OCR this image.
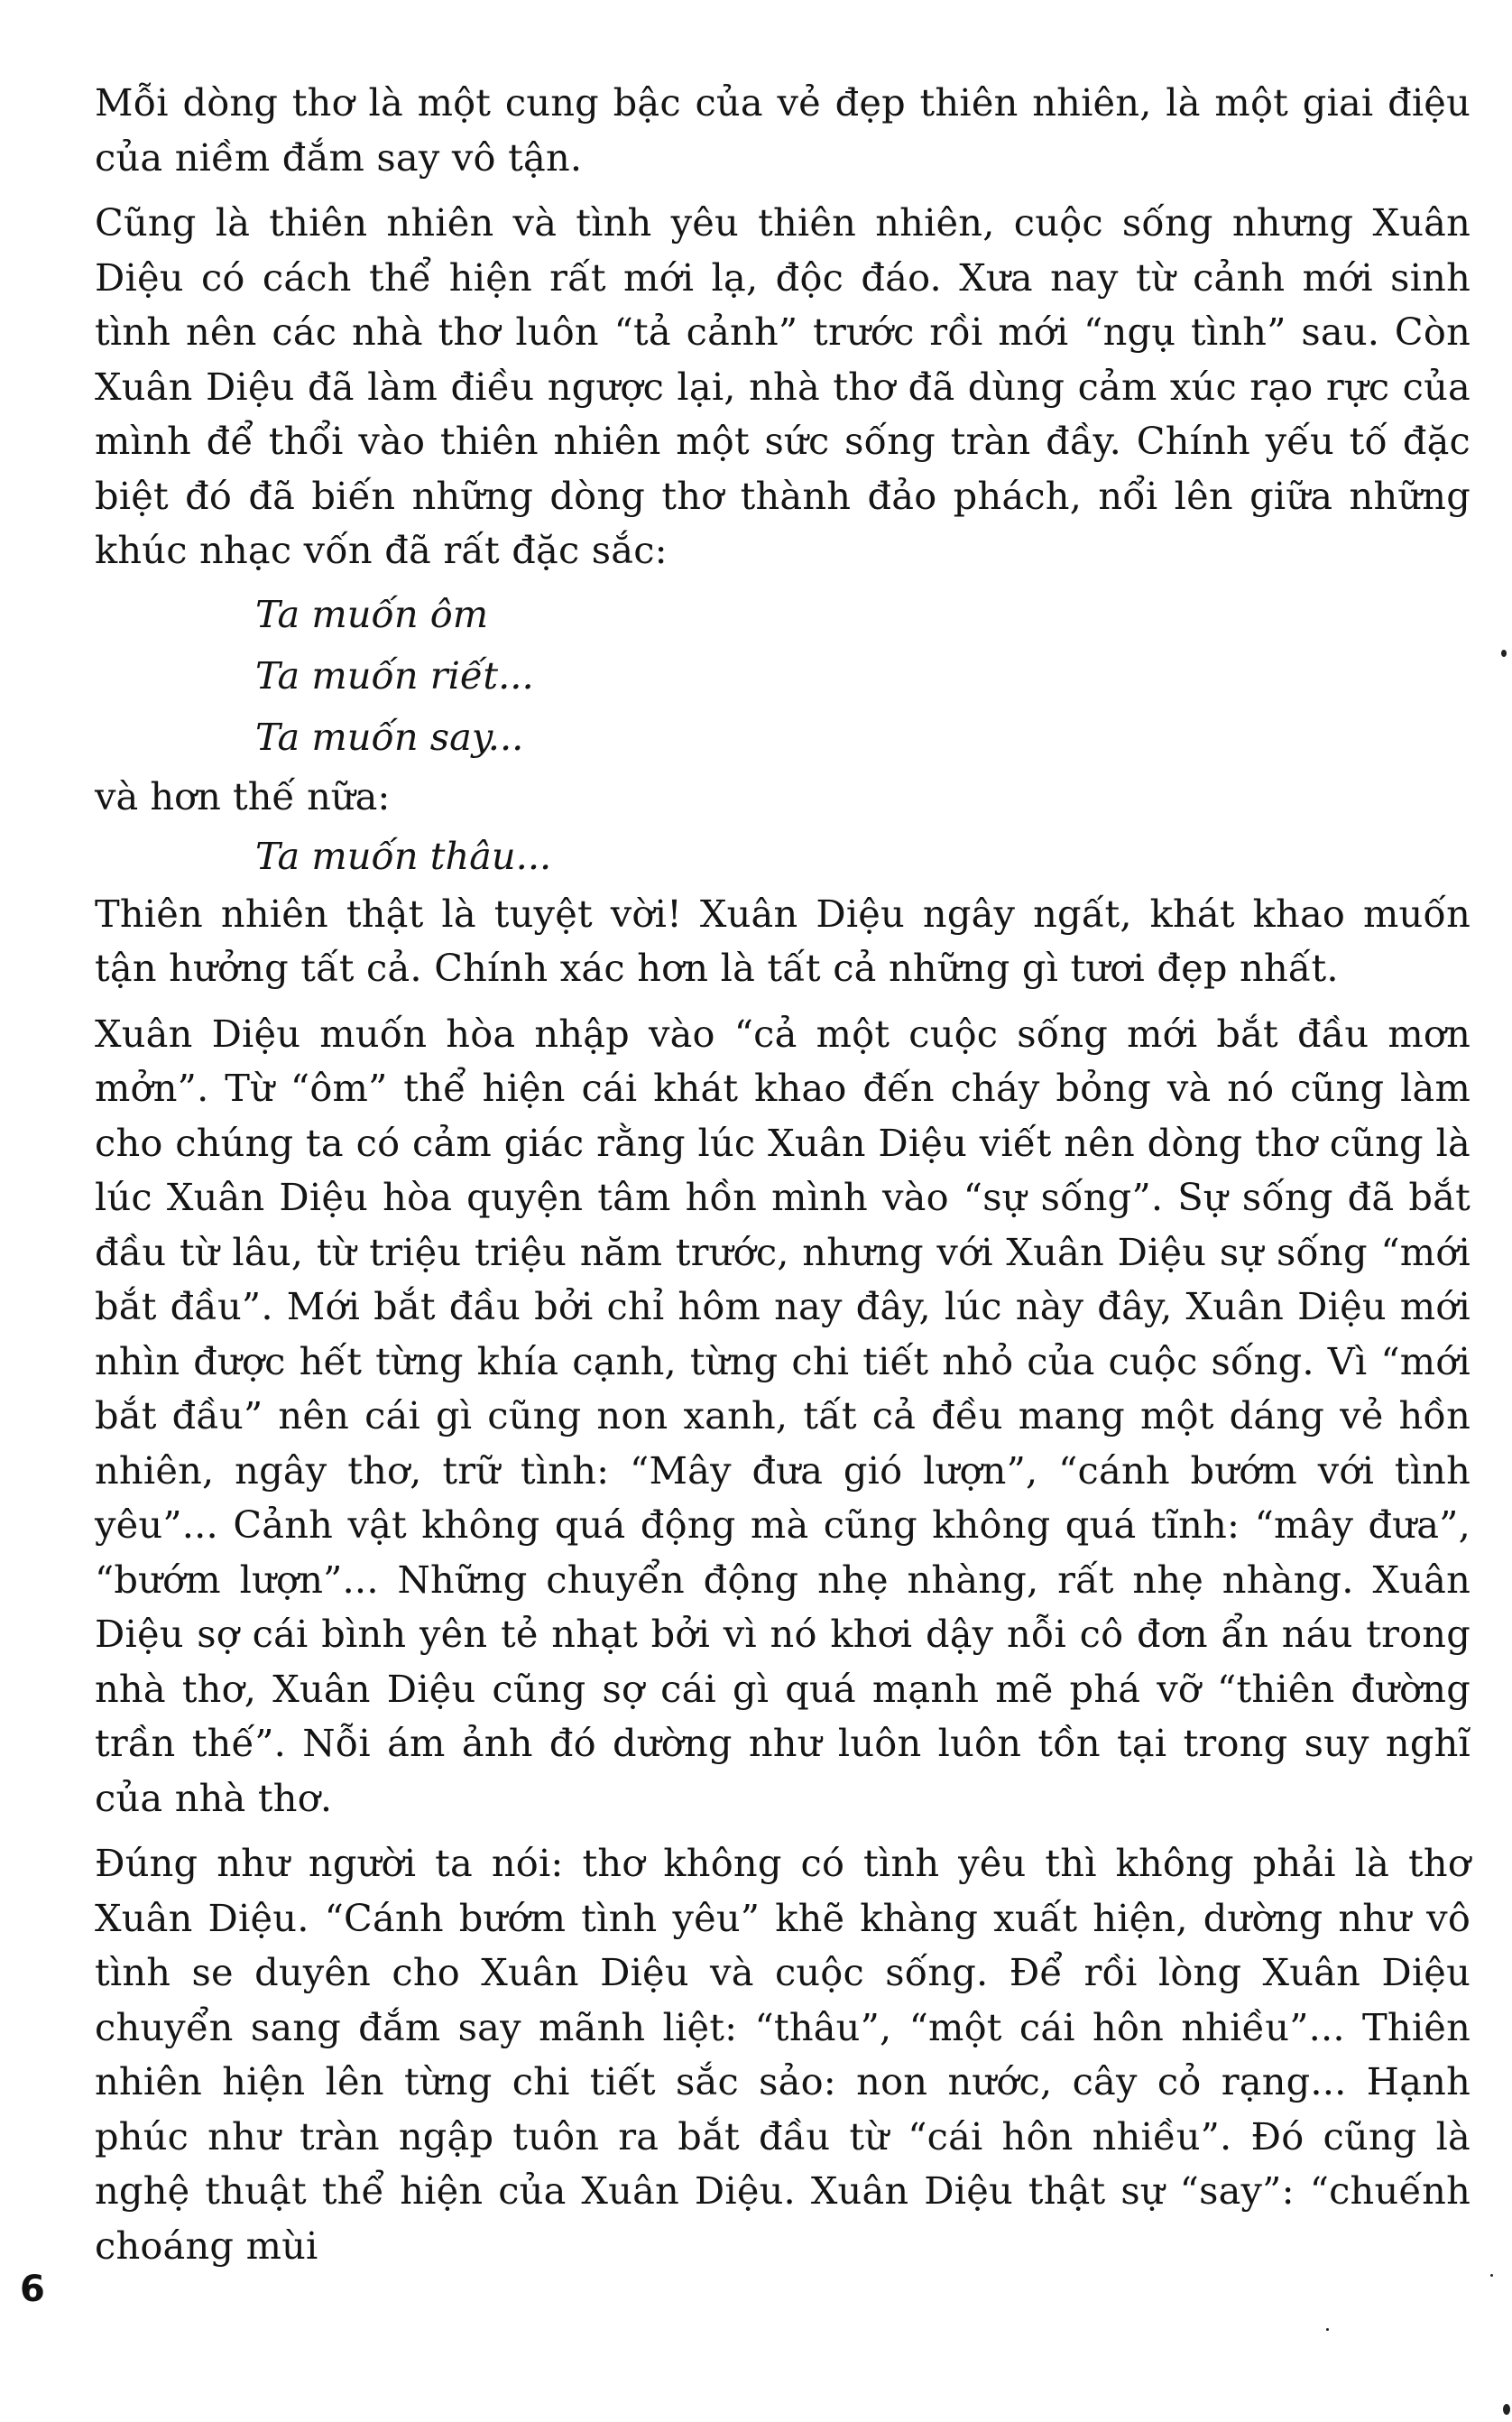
Mỗi dòng thơ là một cung bậc của vẻ đẹp thiên nhiên, là một giai điệu của niềm đắm say vô tận.

Cũng là thiên nhiên và tình yêu thiên nhiên, cuộc sống nhưng Xuân Diệu có cách thể hiện rất mới lạ, độc đáo. Xưa nay từ cảnh mới sinh tình nên các nhà thơ luôn “tả cảnh” trước rồi mới “ngụ tình” sau. Còn Xuân Diệu đã làm điều ngược lại, nhà thơ đã dùng cảm xúc rạo rực của mình để thổi vào thiên nhiên một sức sống tràn đầy. Chính yếu tố đặc biệt đó đã biến những dòng thơ thành đảo phách, nổi lên giữa những khúc nhạc vốn đã rất đặc sắc:

Ta muốn ôm

Ta muốn riết...

Ta muốn say...

và hơn thế nữa:

Ta muốn thâu...

Thiên nhiên thật là tuyệt vời! Xuân Diệu ngây ngất, khát khao muốn tận hưởng tất cả. Chính xác hơn là tất cả những gì tươi đẹp nhất.

Xuân Diệu muốn hòa nhập vào “cả một cuộc sống mới bắt đầu mơn mởn”. Từ “ôm” thể hiện cái khát khao đến cháy bỏng và nó cũng làm cho chúng ta có cảm giác rằng lúc Xuân Diệu viết nên dòng thơ cũng là lúc Xuân Diệu hòa quyện tâm hồn mình vào “sự sống”. Sự sống đã bắt đầu từ lâu, từ triệu triệu năm trước, nhưng với Xuân Diệu sự sống “mới bắt đầu”. Mới bắt đầu bởi chỉ hôm nay đây, lúc này đây, Xuân Diệu mới nhìn được hết từng khía cạnh, từng chi tiết nhỏ của cuộc sống. Vì “mới bắt đầu” nên cái gì cũng non xanh, tất cả đều mang một dáng vẻ hồn nhiên, ngây thơ, trữ tình: “Mây đưa gió lượn”, “cánh bướm với tình yêu”... Cảnh vật không quá động mà cũng không quá tĩnh: “mây đưa”, “bướm lượn”... Những chuyển động nhẹ nhàng, rất nhẹ nhàng. Xuân Diệu sợ cái bình yên tẻ nhạt bởi vì nó khơi dậy nỗi cô đơn ẩn náu trong nhà thơ, Xuân Diệu cũng sợ cái gì quá mạnh mẽ phá vỡ “thiên đường trần thế”. Nỗi ám ảnh đó dường như luôn luôn tồn tại trong suy nghĩ của nhà thơ.

Đúng như người ta nói: thơ không có tình yêu thì không phải là thơ Xuân Diệu. “Cánh bướm tình yêu” khẽ khàng xuất hiện, dường như vô tình se duyên cho Xuân Diệu và cuộc sống. Để rồi lòng Xuân Diệu chuyển sang đắm say mãnh liệt: “thâu”, “một cái hôn nhiều”... Thiên nhiên hiện lên từng chi tiết sắc sảo: non nước, cây cỏ rạng... Hạnh phúc như tràn ngập tuôn ra bắt đầu từ “cái hôn nhiều”. Đó cũng là nghệ thuật thể hiện của Xuân Diệu. Xuân Diệu thật sự “say”: “chuếnh choáng mùi

6
